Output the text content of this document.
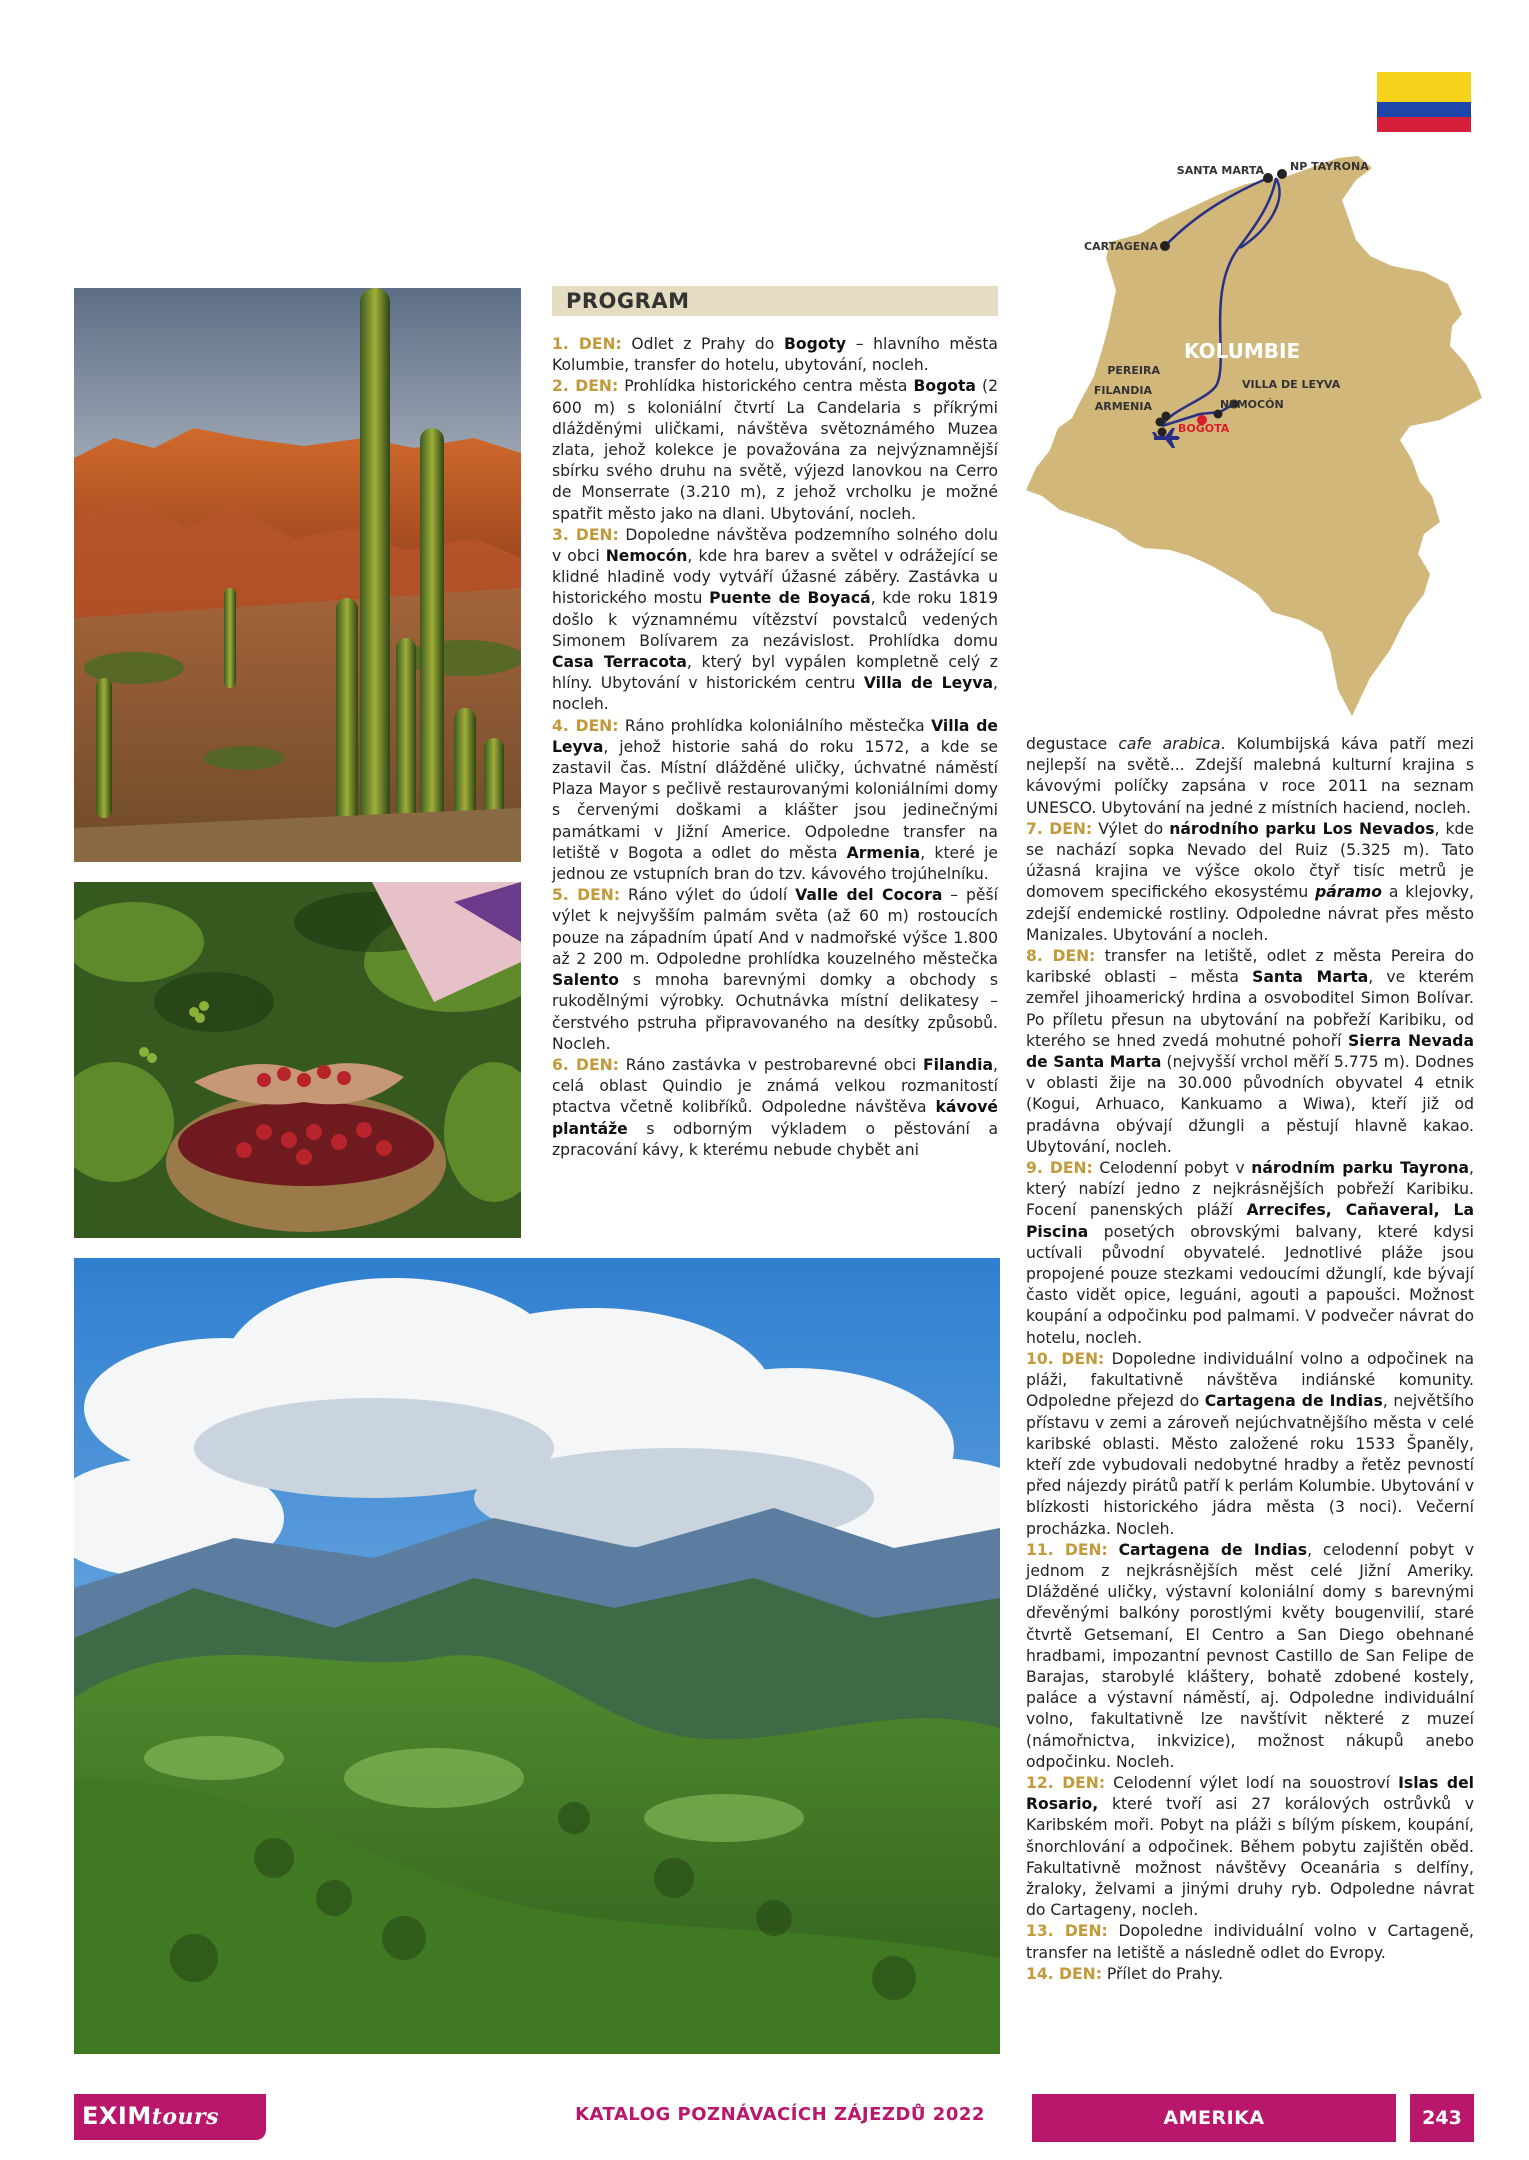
SANTA MARTA NP TAYRONA
CARTAGENA
PEREIRA
FILANDIA
ARMENIA
VILLA DE LEYVA
NEMOCÓN
BOGOTA
KOLUMBIE
PROGRAM

1. DEN: Odlet z Prahy do Bogoty – hlavního města Kolumbie, transfer do hotelu, ubytování, nocleh.

2. DEN: Prohlídka historického centra města Bogota (2 600 m) s koloniální čtvrtí La Candelaria s příkrými dlážděnými uličkami, návštěva světoznámého Muzea zlata, jehož kolekce je považována za nejvýznamnější sbírku svého druhu na světě, výjezd lanovkou na Cerro de Monserrate (3.210 m), z jehož vrcholku je možné spatřit město jako na dlani. Ubytování, nocleh.

3. DEN: Dopoledne návštěva podzemního solného dolu v obci Nemocón, kde hra barev a světel v odrážející se klidné hladině vody vytváří úžasné záběry. Zastávka u historického mostu Puente de Boyacá, kde roku 1819 došlo k významnému vítězství povstalců vedených Simonem Bolívarem za nezávislost. Prohlídka domu Casa Terracota, který byl vypálen kompletně celý z hlíny. Ubytování v historickém centru Villa de Leyva, nocleh.

4. DEN: Ráno prohlídka koloniálního městečka Villa de Leyva, jehož historie sahá do roku 1572, a kde se zastavil čas. Místní dlážděné uličky, úchvatné náměstí Plaza Mayor s pečlivě restaurovanými koloniálními domy s červenými doškami a klášter jsou jedinečnými památkami v Jižní Americe. Odpoledne transfer na letiště v Bogota a odlet do města Armenia, které je jednou ze vstupních bran do tzv. kávového trojúhelníku.

5. DEN: Ráno výlet do údolí Valle del Cocora – pěší výlet k nejvyšším palmám světa (až 60 m) rostoucích pouze na západním úpatí And v nadmořské výšce 1.800 až 2 200 m. Odpoledne prohlídka kouzelného městečka Salento s mnoha barevnými domky a obchody s rukodělnými výrobky. Ochutnávka místní delikatesy – čerstvého pstruha připravovaného na desítky způsobů. Nocleh.

6. DEN: Ráno zastávka v pestrobarevné obci Filandia, celá oblast Quindio je známá velkou rozmanitostí ptactva včetně kolibříků. Odpoledne návštěva kávové plantáže s odborným výkladem o pěstování a zpracování kávy, k kterému nebude chybět ani

degustace cafe arabica. Kolumbijská káva patří mezi nejlepší na světě... Zdejší malebná kulturní krajina s kávovými políčky zapsána v roce 2011 na seznam UNESCO. Ubytování na jedné z místních haciend, nocleh.

7. DEN: Výlet do národního parku Los Nevados, kde se nachází sopka Nevado del Ruiz (5.325 m). Tato úžasná krajina ve výšce okolo čtyř tisíc metrů je domovem specifického ekosystému páramo a klejovky, zdejší endemické rostliny. Odpoledne návrat přes město Manizales. Ubytování a nocleh.

8. DEN: transfer na letiště, odlet z města Pereira do karibské oblasti – města Santa Marta, ve kterém zemřel jihoamerický hrdina a osvoboditel Simon Bolívar. Po příletu přesun na ubytování na pobřeží Karibiku, od kterého se hned zvedá mohutné pohoří Sierra Nevada de Santa Marta (nejvyšší vrchol měří 5.775 m). Dodnes v oblasti žije na 30.000 původních obyvatel 4 etnik (Kogui, Arhuaco, Kankuamo a Wiwa), kteří již od pradávna obývají džungli a pěstují hlavně kakao. Ubytování, nocleh.

9. DEN: Celodenní pobyt v národním parku Tayrona, který nabízí jedno z nejkrásnějších pobřeží Karibiku. Focení panenských pláží Arrecifes, Cañaveral, La Piscina posetých obrovskými balvany, které kdysi uctívali původní obyvatelé. Jednotlivé pláže jsou propojené pouze stezkami vedoucími džunglí, kde bývají často vidět opice, leguáni, agouti a papoušci. Možnost koupání a odpočinku pod palmami. V podvečer návrat do hotelu, nocleh.

10. DEN: Dopoledne individuální volno a odpočinek na pláži, fakultativně návštěva indiánské komunity. Odpoledne přejezd do Cartagena de Indias, největšího přístavu v zemi a zároveň nejúchvatnějšího města v celé karibské oblasti. Město založené roku 1533 Španěly, kteří zde vybudovali nedobytné hradby a řetěz pevností před nájezdy pirátů patří k perlám Kolumbie. Ubytování v blízkosti historického jádra města (3 noci). Večerní procházka. Nocleh.

11. DEN: Cartagena de Indias, celodenní pobyt v jednom z nejkrásnějších měst celé Jižní Ameriky. Dlážděné uličky, výstavní koloniální domy s barevnými dřevěnými balkóny porostlými květy bougenvilií, staré čtvrtě Getsemaní, El Centro a San Diego obehnané hradbami, impozantní pevnost Castillo de San Felipe de Barajas, starobylé kláštery, bohatě zdobené kostely, paláce a výstavní náměstí, aj. Odpoledne individuální volno, fakultativně lze navštívit některé z muzeí (námořnictva, inkvizice), možnost nákupů anebo odpočinku. Nocleh.

12. DEN: Celodenní výlet lodí na souostroví Islas del Rosario, které tvoří asi 27 korálových ostrůvků v Karibském moři. Pobyt na pláži s bílým pískem, koupání, šnorchlování a odpočinek. Během pobytu zajištěn oběd. Fakultativně možnost návštěvy Oceanária s delfíny, žraloky, želvami a jinými druhy ryb. Odpoledne návrat do Cartageny, nocleh.

13. DEN: Dopoledne individuální volno v Cartageně, transfer na letiště a následně odlet do Evropy.

14. DEN: Přílet do Prahy.

EXIMtours	KATALOG POZNÁVACÍCH ZÁJEZDŮ 2022	AMERIKA	243
